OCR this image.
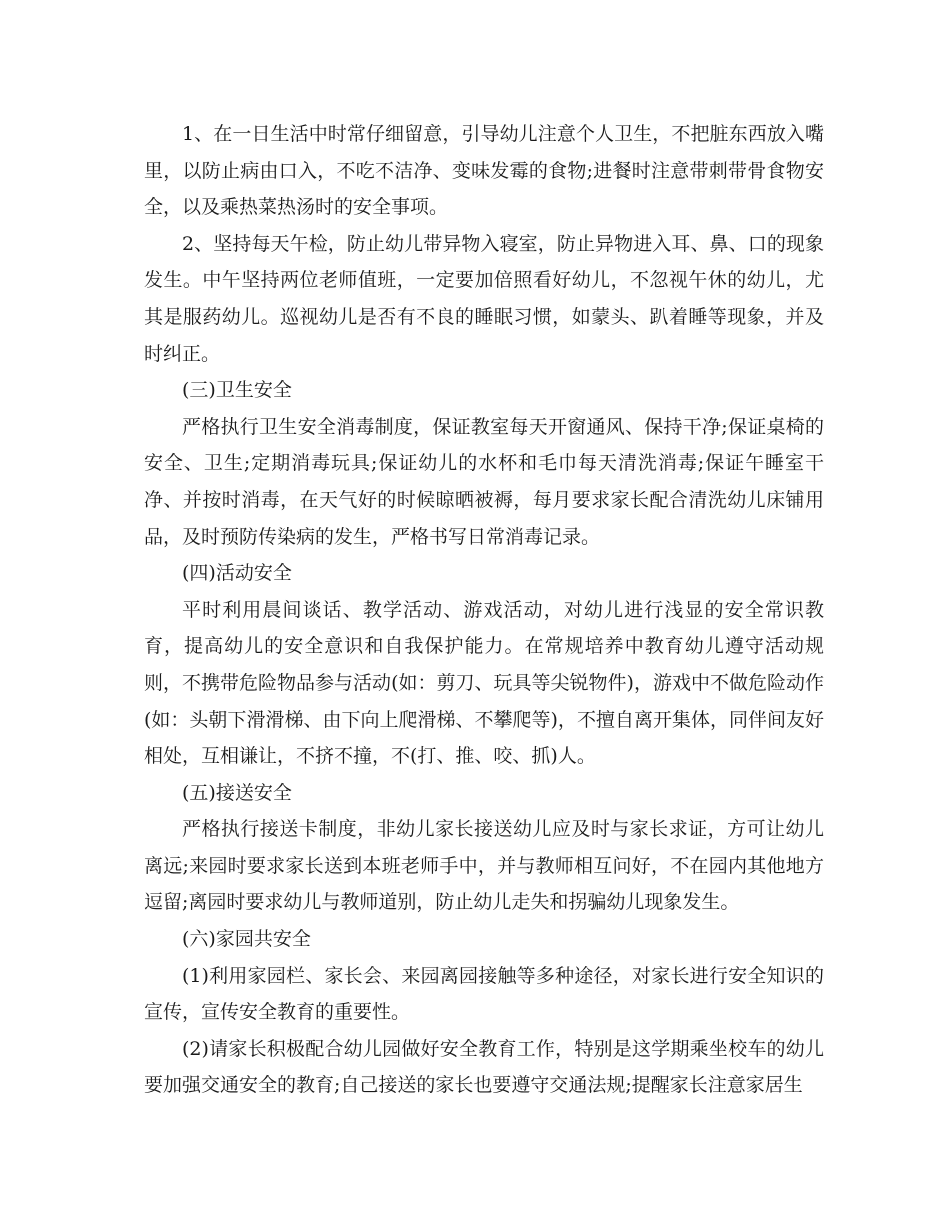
1、在一日生活中时常仔细留意，引导幼儿注意个人卫生，不把脏东西放入嘴里，以防止病由口入，不吃不洁净、变味发霉的食物;进餐时注意带刺带骨食物安全，以及乘热菜热汤时的安全事项。

2、坚持每天午检，防止幼儿带异物入寝室，防止异物进入耳、鼻、口的现象发生。中午坚持两位老师值班，一定要加倍照看好幼儿，不忽视午休的幼儿，尤其是服药幼儿。巡视幼儿是否有不良的睡眠习惯，如蒙头、趴着睡等现象，并及时纠正。

(三)卫生安全

严格执行卫生安全消毒制度，保证教室每天开窗通风、保持干净;保证桌椅的安全、卫生;定期消毒玩具;保证幼儿的水杯和毛巾每天清洗消毒;保证午睡室干净、并按时消毒，在天气好的时候晾晒被褥，每月要求家长配合清洗幼儿床铺用品，及时预防传染病的发生，严格书写日常消毒记录。

(四)活动安全

平时利用晨间谈话、教学活动、游戏活动，对幼儿进行浅显的安全常识教育，提高幼儿的安全意识和自我保护能力。在常规培养中教育幼儿遵守活动规则，不携带危险物品参与活动(如：剪刀、玩具等尖锐物件)，游戏中不做危险动作(如：头朝下滑滑梯、由下向上爬滑梯、不攀爬等)，不擅自离开集体，同伴间友好相处，互相谦让，不挤不撞，不(打、推、咬、抓)人。

(五)接送安全

严格执行接送卡制度，非幼儿家长接送幼儿应及时与家长求证，方可让幼儿离远;来园时要求家长送到本班老师手中，并与教师相互问好，不在园内其他地方逗留;离园时要求幼儿与教师道别，防止幼儿走失和拐骗幼儿现象发生。

(六)家园共安全

(1)利用家园栏、家长会、来园离园接触等多种途径，对家长进行安全知识的宣传，宣传安全教育的重要性。

(2)请家长积极配合幼儿园做好安全教育工作，特别是这学期乘坐校车的幼儿要加强交通安全的教育;自己接送的家长也要遵守交通法规;提醒家长注意家居生
